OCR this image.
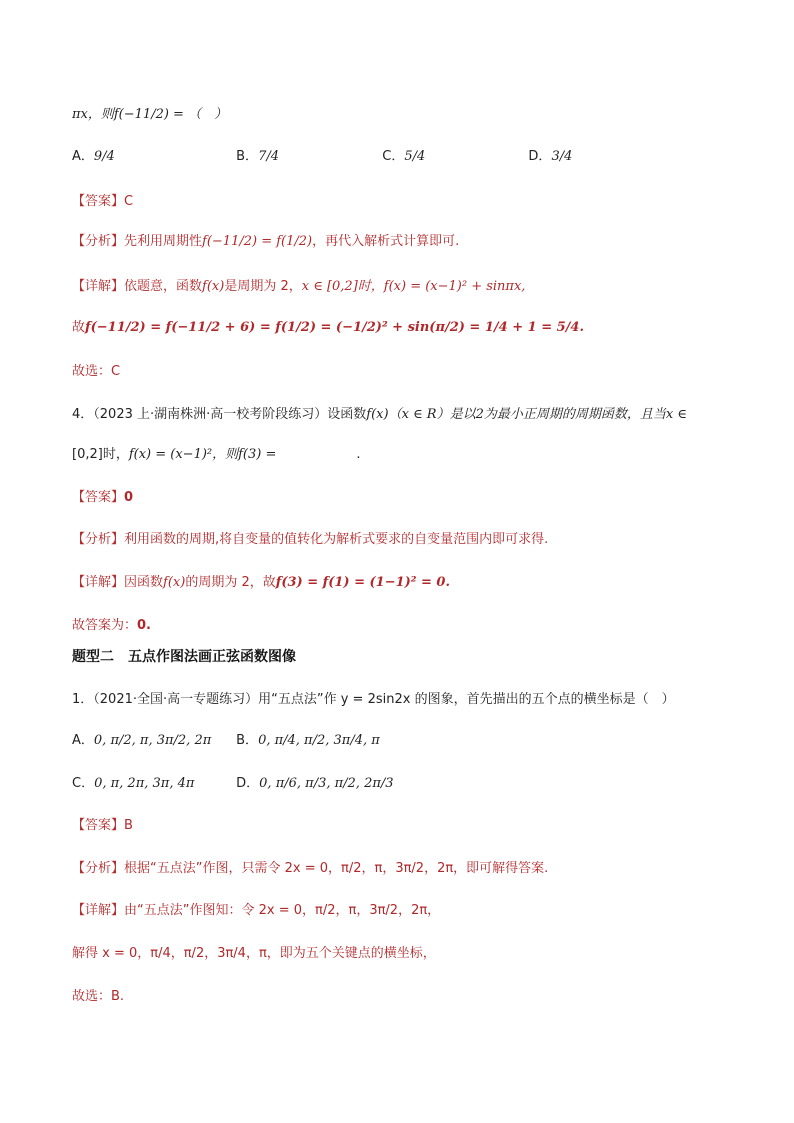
πx，则f(−11/2) = （　）
A．9/4	B．7/4	C．5/4	D．3/4
【答案】C
【分析】先利用周期性f(−11/2) = f(1/2)，再代入解析式计算即可.
【详解】依题意，函数f(x)是周期为 2，x ∈ [0,2]时，f(x) = (x−1)² + sinπx,
故f(−11/2) = f(−11/2 + 6) = f(1/2) = (−1/2)² + sin(π/2) = 1/4 + 1 = 5/4.
故选：C
4．（2023 上·湖南株洲·高一校考阶段练习）设函数f(x)（x ∈ R）是以2为最小正周期的周期函数，且当x ∈
[0,2]时，f(x) = (x−1)²，则f(3) =	.
【答案】0
【分析】利用函数的周期,将自变量的值转化为解析式要求的自变量范围内即可求得.
【详解】因函数f(x)的周期为 2，故f(3) = f(1) = (1−1)² = 0.
故答案为：0.
题型二　五点作图法画正弦函数图像
1．（2021·全国·高一专题练习）用“五点法”作 y = 2sin2x 的图象，首先描出的五个点的横坐标是（　）
A．0, π/2, π, 3π/2, 2π B．0, π/4, π/2, 3π/4, π
C．0, π, 2π, 3π, 4π	D．0, π/6, π/3, π/2, 2π/3
【答案】B
【分析】根据“五点法”作图，只需令 2x = 0，π/2，π，3π/2，2π，即可解得答案.
【详解】由“五点法”作图知：令 2x = 0，π/2，π，3π/2，2π，
解得 x = 0，π/4，π/2，3π/4，π，即为五个关键点的横坐标，
故选：B.
